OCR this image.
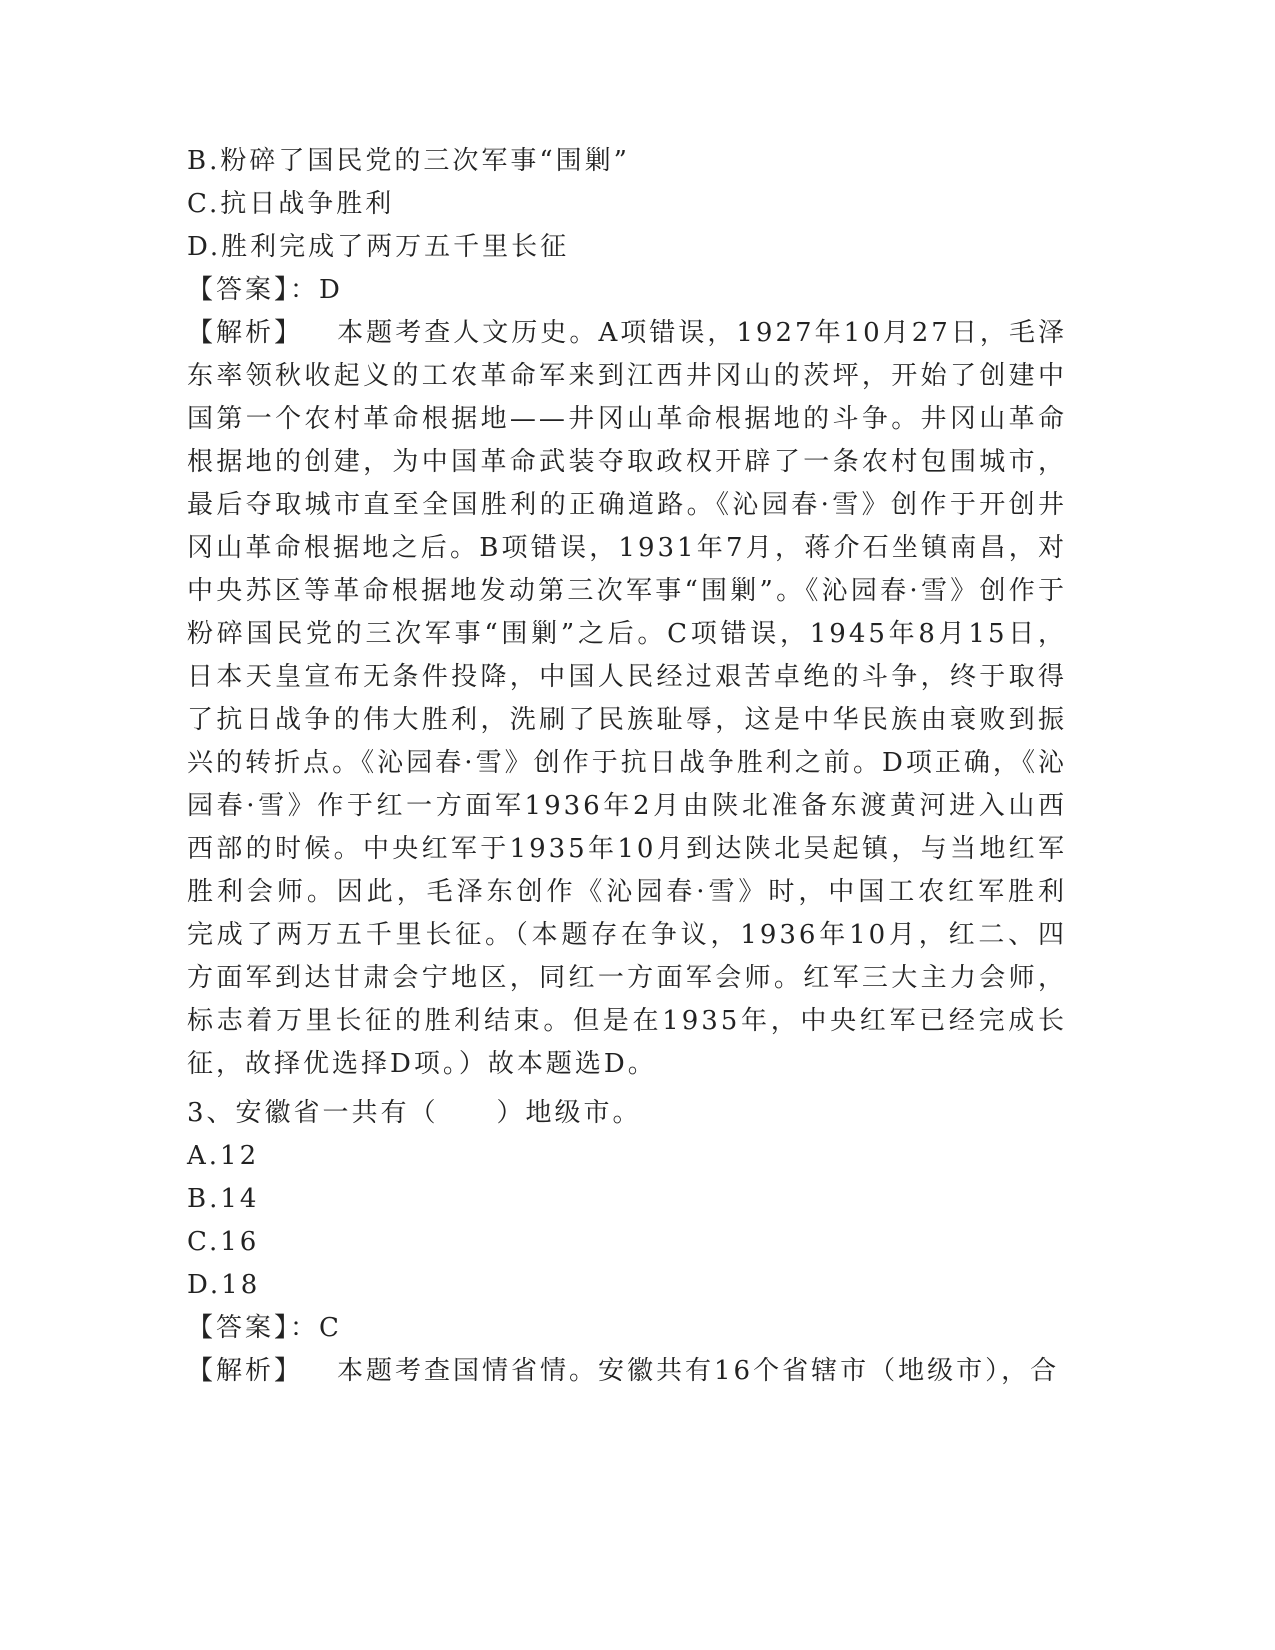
B.粉碎了国民党的三次军事“围剿”
C.抗日战争胜利
D.胜利完成了两万五千里长征
【答案】：D
【解析】 本题考查人文历史。A项错误，1927年10月27日，毛泽东率领秋收起义的工农革命军来到江西井冈山的茨坪，开始了创建中国第一个农村革命根据地——井冈山革命根据地的斗争。井冈山革命根据地的创建，为中国革命武装夺取政权开辟了一条农村包围城市，最后夺取城市直至全国胜利的正确道路。《沁园春·雪》创作于开创井冈山革命根据地之后。B项错误，1931年7月，蒋介石坐镇南昌，对中央苏区等革命根据地发动第三次军事“围剿”。《沁园春·雪》创作于粉碎国民党的三次军事“围剿”之后。C项错误，1945年8月15日，日本天皇宣布无条件投降，中国人民经过艰苦卓绝的斗争，终于取得了抗日战争的伟大胜利，洗刷了民族耻辱，这是中华民族由衰败到振兴的转折点。《沁园春·雪》创作于抗日战争胜利之前。D项正确，《沁园春·雪》作于红一方面军1936年2月由陕北准备东渡黄河进入山西西部的时候。中央红军于1935年10月到达陕北吴起镇，与当地红军胜利会师。因此，毛泽东创作《沁园春·雪》时，中国工农红军胜利完成了两万五千里长征。（本题存在争议，1936年10月，红二、四方面军到达甘肃会宁地区，同红一方面军会师。红军三大主力会师，标志着万里长征的胜利结束。但是在1935年，中央红军已经完成长征，故择优选择D项。）故本题选D。
3、安徽省一共有（　　）地级市。
A.12
B.14
C.16
D.18
【答案】：C
【解析】 本题考查国情省情。安徽共有16个省辖市（地级市），合
